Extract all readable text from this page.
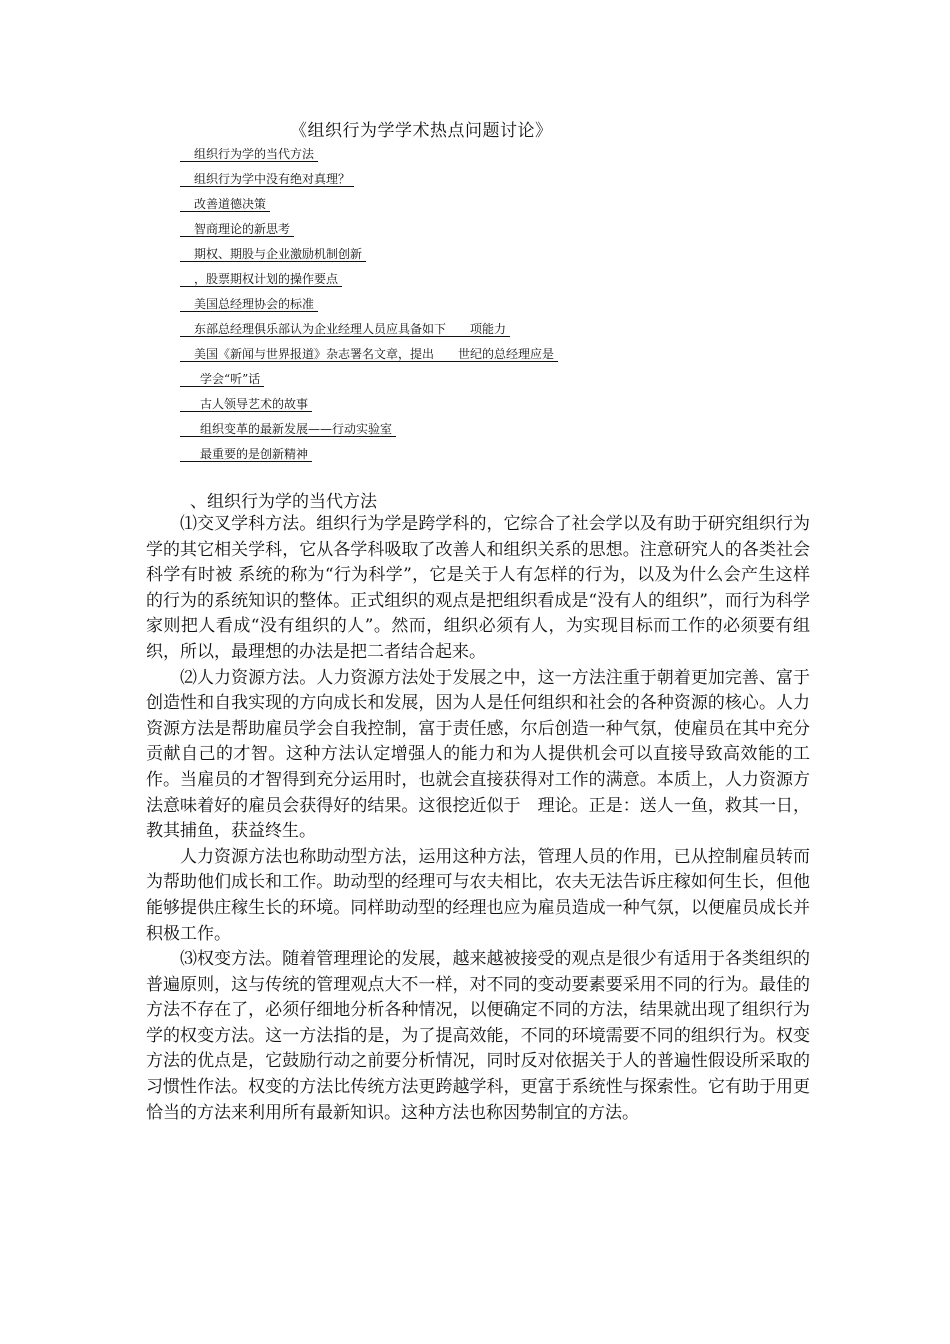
《组织行为学学术热点问题讨论》
组织行为学的当代方法
组织行为学中没有绝对真理？
改善道德决策
智商理论的新思考
期权、期股与企业激励机制创新
，股票期权计划的操作要点
美国总经理协会的标准
东部总经理俱乐部认为企业经理人员应具备如下　　项能力
美国《新闻与世界报道》杂志署名文章，提出　　世纪的总经理应是
学会“听”话
古人领导艺术的故事
组织变革的最新发展——行动实验室
最重要的是创新精神
、组织行为学的当代方法

⑴交叉学科方法。组织行为学是跨学科的，它综合了社会学以及有助于研究组织行为学的其它相关学科，它从各学科吸取了改善人和组织关系的思想。注意研究人的各类社会科学有时被 系统的称为“行为科学”，它是关于人有怎样的行为，以及为什么会产生这样的行为的系统知识的整体。正式组织的观点是把组织看成是“没有人的组织”，而行为科学家则把人看成“没有组织的人”。然而，组织必须有人，为实现目标而工作的必须要有组织，所以，最理想的办法是把二者结合起来。

⑵人力资源方法。人力资源方法处于发展之中，这一方法注重于朝着更加完善、富于创造性和自我实现的方向成长和发展，因为人是任何组织和社会的各种资源的核心。人力资源方法是帮助雇员学会自我控制，富于责任感，尔后创造一种气氛，使雇员在其中充分贡献自己的才智。这种方法认定增强人的能力和为人提供机会可以直接导致高效能的工作。当雇员的才智得到充分运用时，也就会直接获得对工作的满意。本质上，人力资源方法意味着好的雇员会获得好的结果。这很挖近似于　理论。正是：送人一鱼，救其一日，教其捕鱼，获益终生。

人力资源方法也称助动型方法，运用这种方法，管理人员的作用，已从控制雇员转而为帮助他们成长和工作。助动型的经理可与农夫相比，农夫无法告诉庄稼如何生长，但他能够提供庄稼生长的环境。同样助动型的经理也应为雇员造成一种气氛，以便雇员成长并积极工作。

⑶权变方法。随着管理理论的发展，越来越被接受的观点是很少有适用于各类组织的普遍原则，这与传统的管理观点大不一样，对不同的变动要素要采用不同的行为。最佳的方法不存在了，必须仔细地分析各种情况，以便确定不同的方法，结果就出现了组织行为学的权变方法。这一方法指的是，为了提高效能，不同的环境需要不同的组织行为。权变方法的优点是，它鼓励行动之前要分析情况，同时反对依据关于人的普遍性假设所采取的习惯性作法。权变的方法比传统方法更跨越学科，更富于系统性与探索性。它有助于用更恰当的方法来利用所有最新知识。这种方法也称因势制宜的方法。
